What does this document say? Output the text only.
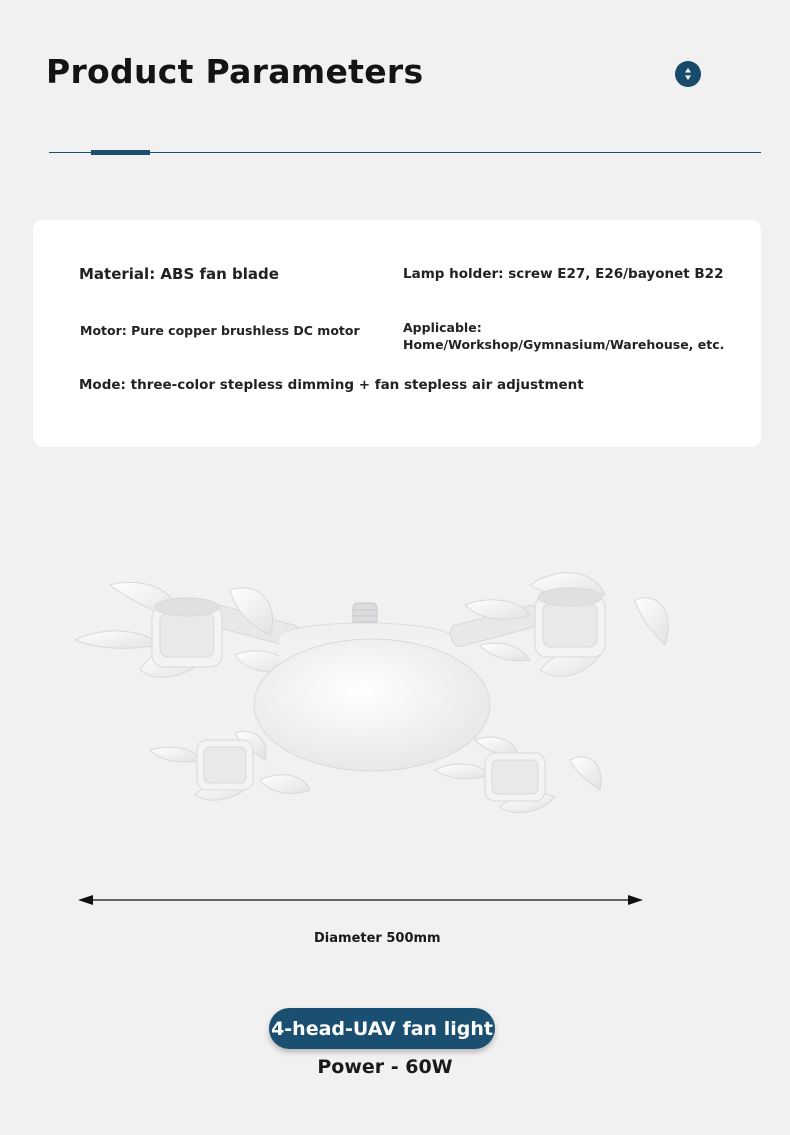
Product Parameters
Material: ABS fan blade	Lamp holder: screw E27, E26/bayonet B22
Motor: Pure copper brushless DC motor	Applicable:
Home/Workshop/Gymnasium/Warehouse, etc.
Mode: three-color stepless dimming + fan stepless air adjustment
Diameter 500mm
4-head-UAV fan light
Power - 60W
